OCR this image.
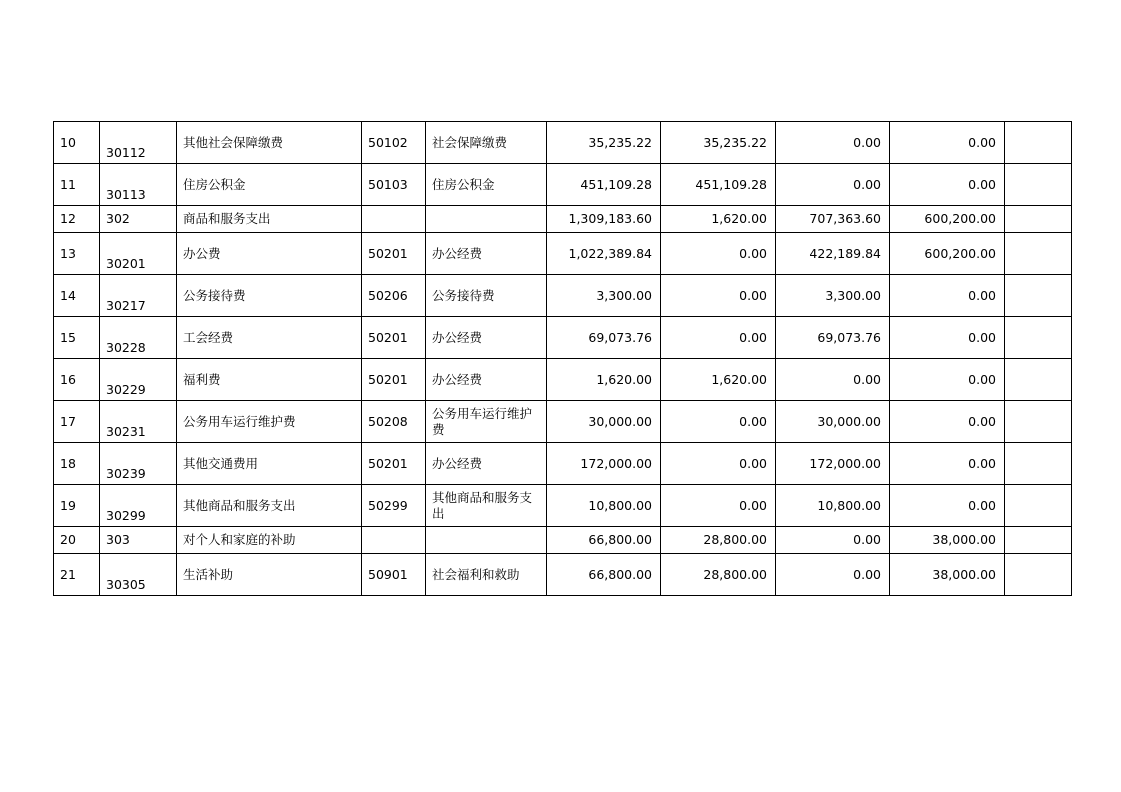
10	30112	其他社会保障缴费	50102	社会保障缴费	35,235.22	35,235.22	0.00	0.00	
11	30113	住房公积金	50103	住房公积金	451,109.28	451,109.28	0.00	0.00	
12	302	商品和服务支出			1,309,183.60	1,620.00	707,363.60	600,200.00	
13	30201	办公费	50201	办公经费	1,022,389.84	0.00	422,189.84	600,200.00	
14	30217	公务接待费	50206	公务接待费	3,300.00	0.00	3,300.00	0.00	
15	30228	工会经费	50201	办公经费	69,073.76	0.00	69,073.76	0.00	
16	30229	福利费	50201	办公经费	1,620.00	1,620.00	0.00	0.00	
17	30231	公务用车运行维护费	50208	公务用车运行维护费	30,000.00	0.00	30,000.00	0.00	
18	30239	其他交通费用	50201	办公经费	172,000.00	0.00	172,000.00	0.00	
19	30299	其他商品和服务支出	50299	其他商品和服务支出	10,800.00	0.00	10,800.00	0.00	
20	303	对个人和家庭的补助			66,800.00	28,800.00	0.00	38,000.00	
21	30305	生活补助	50901	社会福利和救助	66,800.00	28,800.00	0.00	38,000.00	
